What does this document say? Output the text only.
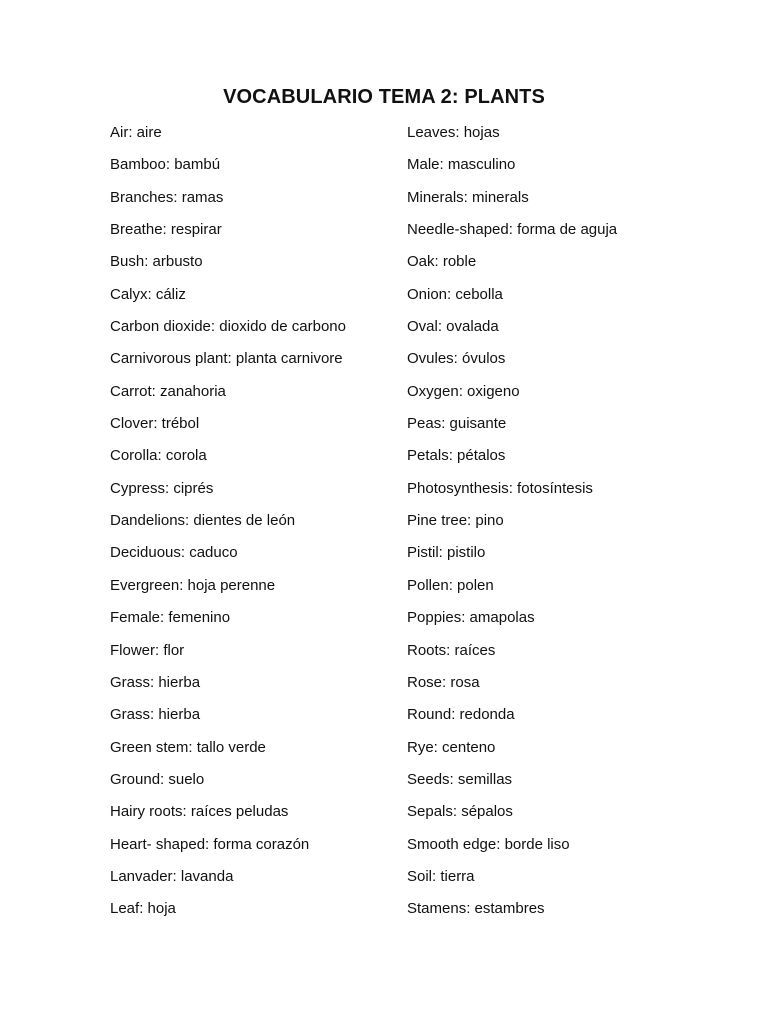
VOCABULARIO TEMA 2: PLANTS
Air: aire
Bamboo: bambú
Branches: ramas
Breathe: respirar
Bush: arbusto
Calyx: cáliz
Carbon dioxide: dioxido de carbono
Carnivorous plant: planta carnivore
Carrot: zanahoria
Clover: trébol
Corolla: corola
Cypress: ciprés
Dandelions: dientes de león
Deciduous: caduco
Evergreen: hoja perenne
Female: femenino
Flower: flor
Grass: hierba
Grass: hierba
Green stem: tallo verde
Ground: suelo
Hairy roots: raíces peludas
Heart- shaped: forma corazón
Lanvader: lavanda
Leaf: hoja
Leaves: hojas
Male: masculino
Minerals: minerals
Needle-shaped: forma de aguja
Oak: roble
Onion: cebolla
Oval: ovalada
Ovules: óvulos
Oxygen: oxigeno
Peas: guisante
Petals: pétalos
Photosynthesis: fotosíntesis
Pine tree: pino
Pistil: pistilo
Pollen: polen
Poppies: amapolas
Roots: raíces
Rose: rosa
Round: redonda
Rye: centeno
Seeds: semillas
Sepals: sépalos
Smooth edge: borde liso
Soil: tierra
Stamens: estambres
